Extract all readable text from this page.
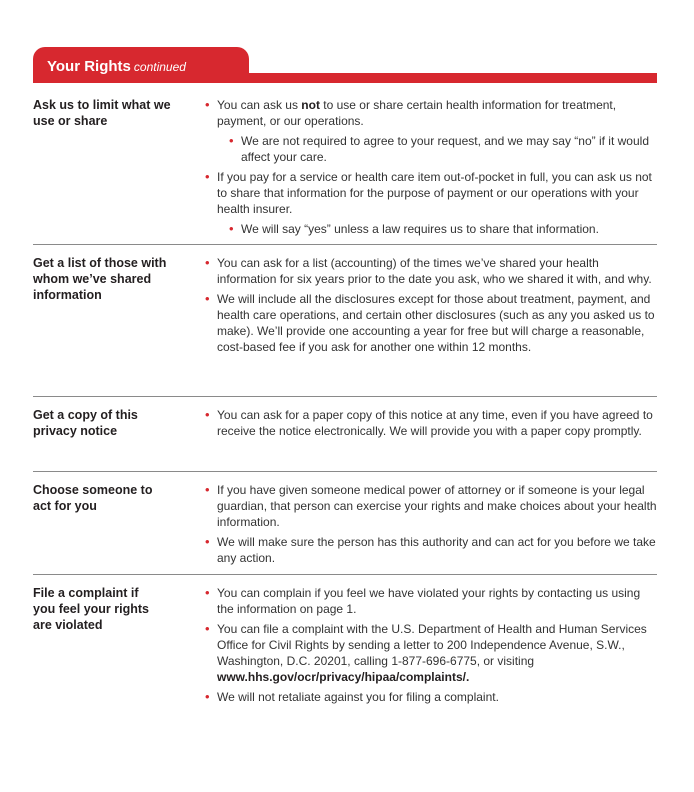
Your Rights continued
Ask us to limit what we use or share
• You can ask us not to use or share certain health information for treatment, payment, or our operations.
• We are not required to agree to your request, and we may say “no” if it would affect your care.
• If you pay for a service or health care item out-of-pocket in full, you can ask us not to share that information for the purpose of payment or our operations with your health insurer.
• We will say “yes” unless a law requires us to share that information.
Get a list of those with whom we’ve shared information
• You can ask for a list (accounting) of the times we’ve shared your health information for six years prior to the date you ask, who we shared it with, and why.
• We will include all the disclosures except for those about treatment, payment, and health care operations, and certain other disclosures (such as any you asked us to make). We’ll provide one accounting a year for free but will charge a reasonable, cost-based fee if you ask for another one within 12 months.
Get a copy of this privacy notice
• You can ask for a paper copy of this notice at any time, even if you have agreed to receive the notice electronically. We will provide you with a paper copy promptly.
Choose someone to act for you
• If you have given someone medical power of attorney or if someone is your legal guardian, that person can exercise your rights and make choices about your health information.
• We will make sure the person has this authority and can act for you before we take any action.
File a complaint if you feel your rights are violated
• You can complain if you feel we have violated your rights by contacting us using the information on page 1.
• You can file a complaint with the U.S. Department of Health and Human Services Office for Civil Rights by sending a letter to 200 Independence Avenue, S.W., Washington, D.C. 20201, calling 1-877-696-6775, or visiting www.hhs.gov/ocr/privacy/hipaa/complaints/.
• We will not retaliate against you for filing a complaint.
